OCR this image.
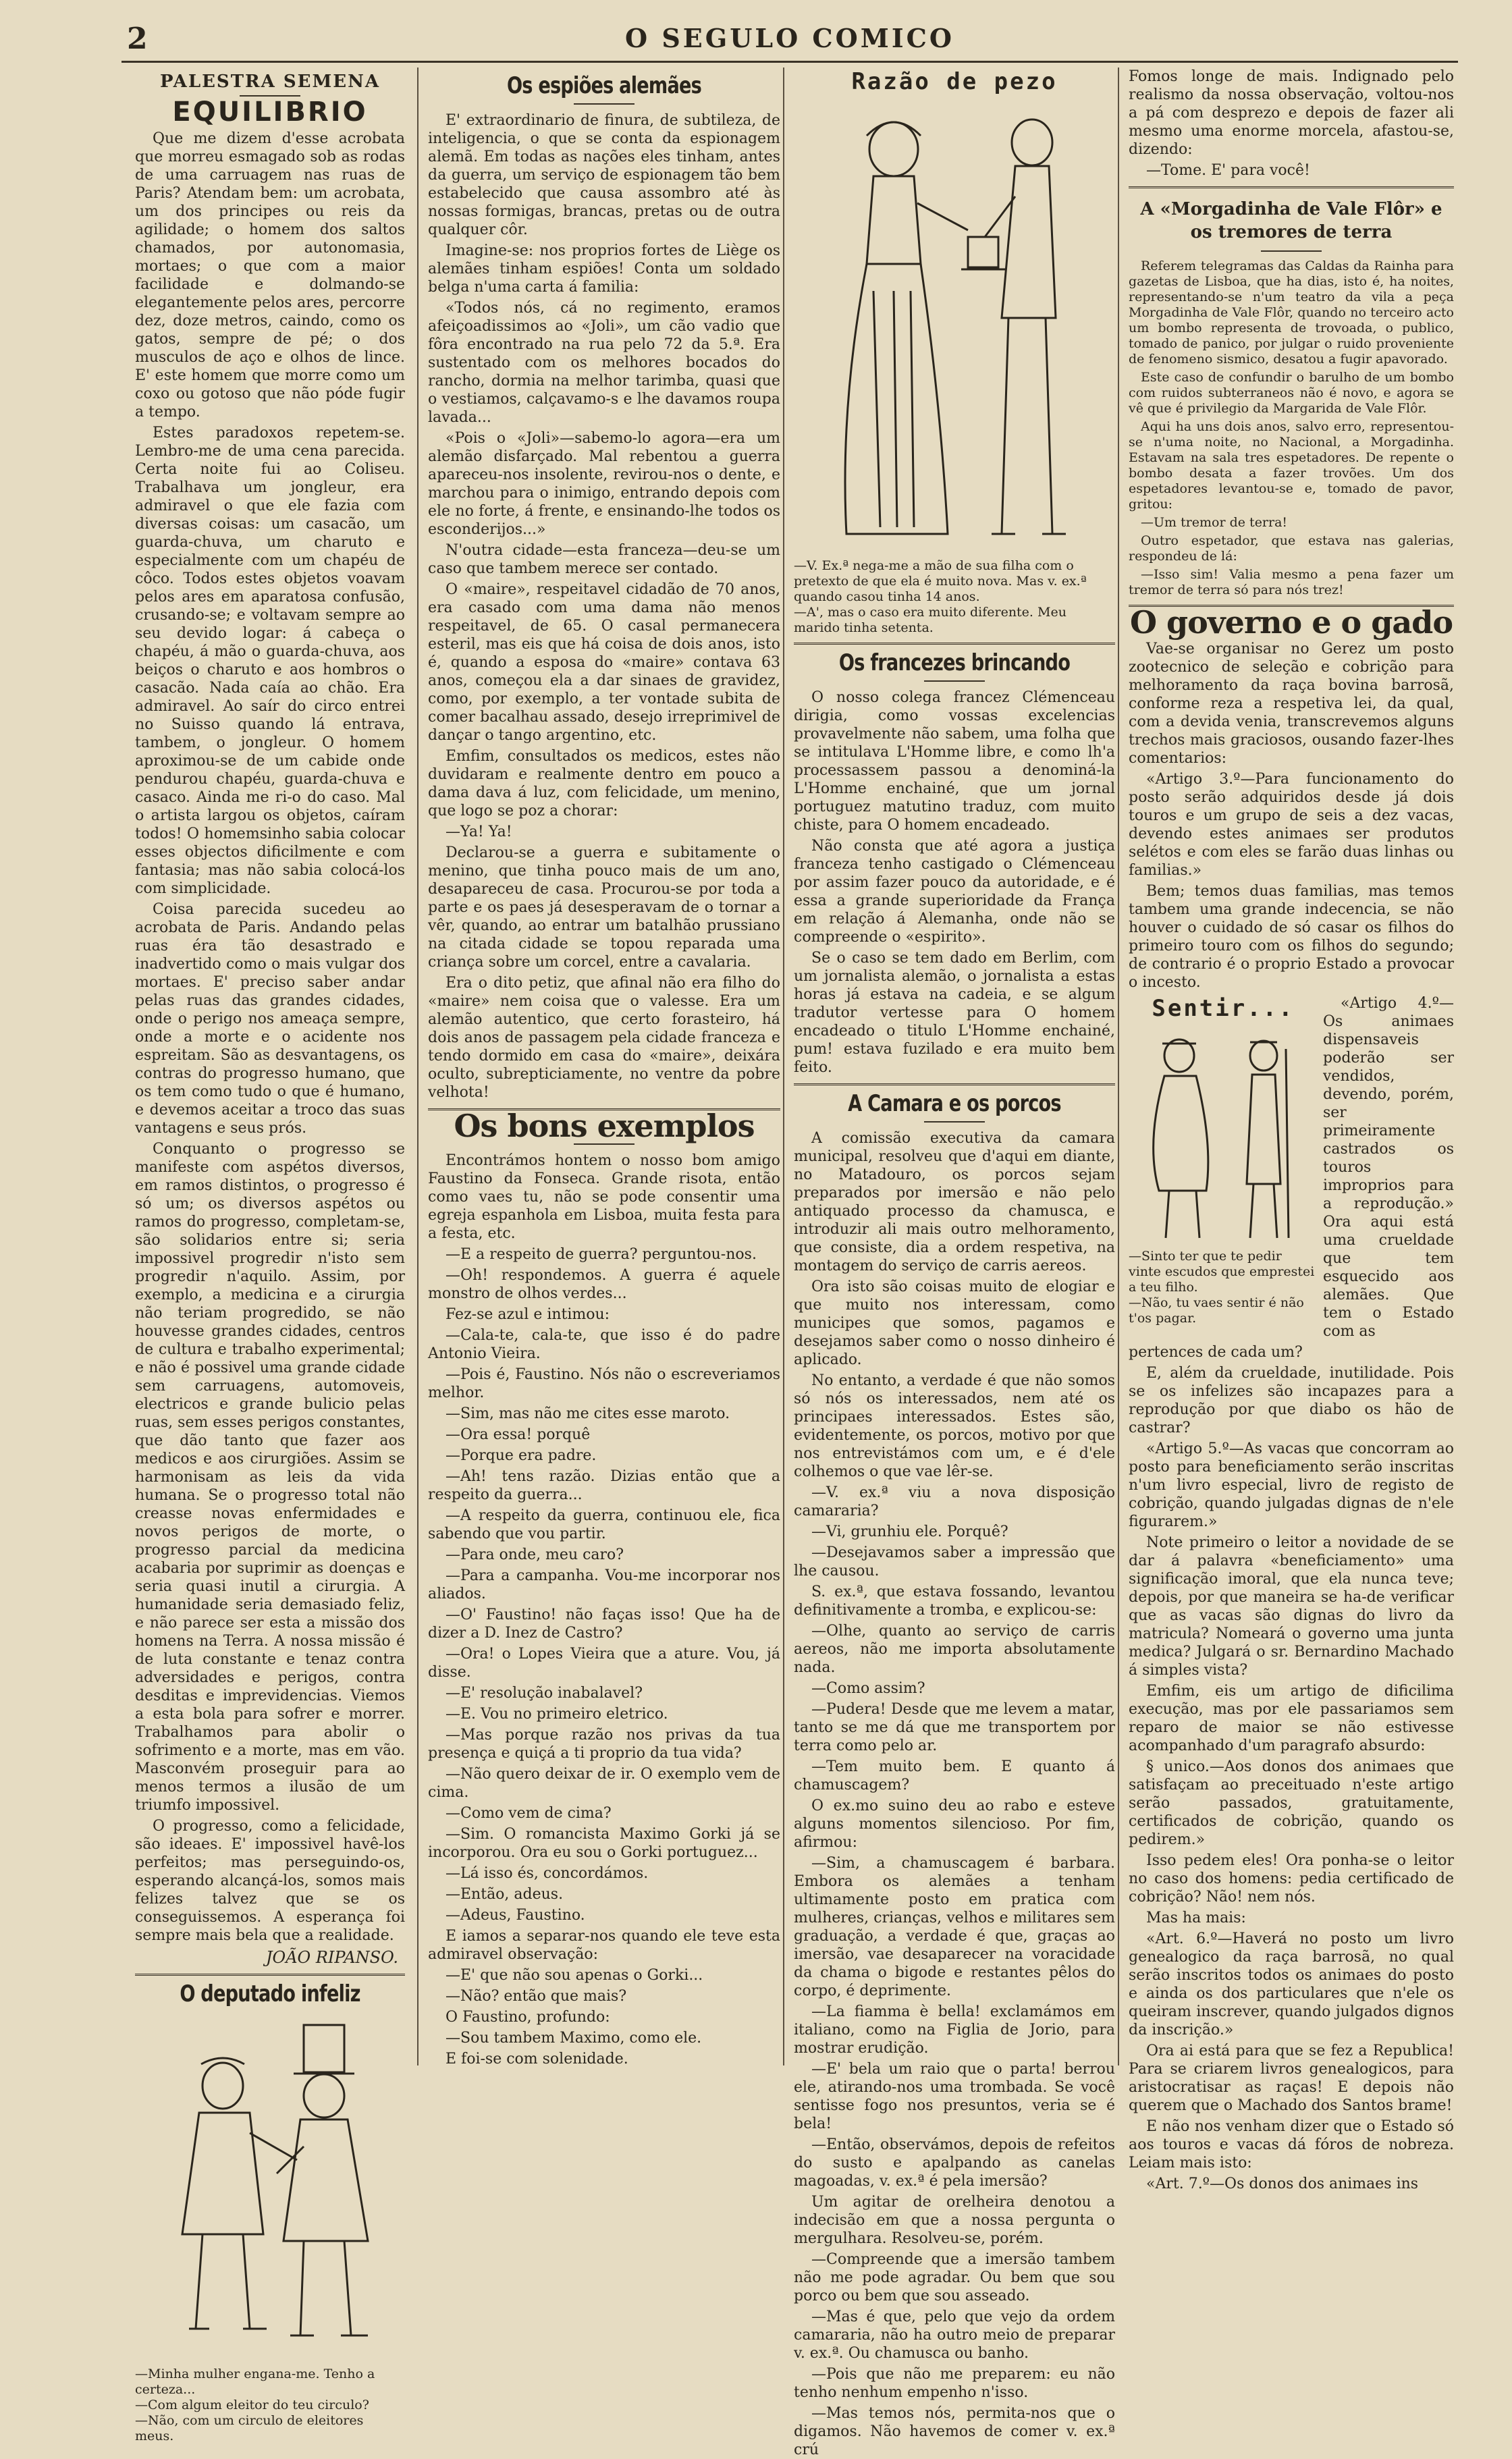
2	O SEGULO COMICO
PALESTRA SEMENA
EQUILIBRIO

Que me dizem d'esse acrobata que morreu esmagado sob as rodas de uma carruagem nas ruas de Paris? Atendam bem: um acrobata, um dos principes ou reis da agilidade; o homem dos saltos chamados, por autonomasia, mortaes; o que com a maior facilidade e dolmando-se elegantemente pelos ares, percorre dez, doze metros, caindo, como os gatos, sempre de pé; o dos musculos de aço e olhos de lince. E' este homem que morre como um coxo ou gotoso que não póde fugir a tempo.

Estes paradoxos repetem-se. Lembro-me de uma cena parecida. Certa noite fui ao Coliseu. Trabalhava um jongleur, era admiravel o que ele fazia com diversas coisas: um casacão, um guarda-chuva, um charuto e especialmente com um chapéu de côco. Todos estes objetos voavam pelos ares em aparatosa confusão, crusando-se; e voltavam sempre ao seu devido logar: á cabeça o chapéu, á mão o guarda-chuva, aos beiços o charuto e aos hombros o casacão. Nada caía ao chão. Era admiravel. Ao saír do circo entrei no Suisso quando lá entrava, tambem, o jongleur. O homem aproximou-se de um cabide onde pendurou chapéu, guarda-chuva e casaco. Ainda me ri-o do caso. Mal o artista largou os objetos, caíram todos! O homemsinho sabia colocar esses objectos dificilmente e com fantasia; mas não sabia colocá-los com simplicidade.

Coisa parecida sucedeu ao acrobata de Paris. Andando pelas ruas éra tão desastrado e inadvertido como o mais vulgar dos mortaes. E' preciso saber andar pelas ruas das grandes cidades, onde o perigo nos ameaça sempre, onde a morte e o acidente nos espreitam. São as desvantagens, os contras do progresso humano, que os tem como tudo o que é humano, e devemos aceitar a troco das suas vantagens e seus prós.

Conquanto o progresso se manifeste com aspétos diversos, em ramos distintos, o progresso é só um; os diversos aspétos ou ramos do progresso, completam-se, são solidarios entre si; seria impossivel progredir n'isto sem progredir n'aquilo. Assim, por exemplo, a medicina e a cirurgia não teriam progredido, se não houvesse grandes cidades, centros de cultura e trabalho experimental; e não é possivel uma grande cidade sem carruagens, automoveis, electricos e grande bulicio pelas ruas, sem esses perigos constantes, que dão tanto que fazer aos medicos e aos cirurgiões. Assim se harmonisam as leis da vida humana. Se o progresso total não creasse novas enfermidades e novos perigos de morte, o progresso parcial da medicina acabaria por suprimir as doenças e seria quasi inutil a cirurgia. A humanidade seria demasiado feliz, e não parece ser esta a missão dos homens na Terra. A nossa missão é de luta constante e tenaz contra adversidades e perigos, contra desditas e imprevidencias. Viemos a esta bola para sofrer e morrer. Trabalhamos para abolir o sofrimento e a morte, mas em vão. Masconvém proseguir para ao menos termos a ilusão de um triumfo impossivel.

O progresso, como a felicidade, são ideaes. E' impossivel havê-los perfeitos; mas perseguindo-os, esperando alcançá-los, somos mais felizes talvez que se os conseguissemos. A esperança foi sempre mais bela que a realidade.

JOÃO RIPANSO.
O deputado infeliz
—Minha mulher engana-me. Tenho a certeza...
—Com algum eleitor do teu circulo?
—Não, com um circulo de eleitores meus.
Os espiões alemães

E' extraordinario de finura, de subtileza, de inteligencia, o que se conta da espionagem alemã. Em todas as nações eles tinham, antes da guerra, um serviço de espionagem tão bem estabelecido que causa assombro até às nossas formigas, brancas, pretas ou de outra qualquer côr.

Imagine-se: nos proprios fortes de Liège os alemães tinham espiões! Conta um soldado belga n'uma carta á familia:

«Todos nós, cá no regimento, eramos afeiçoadissimos ao «Joli», um cão vadio que fôra encontrado na rua pelo 72 da 5.ª. Era sustentado com os melhores bocados do rancho, dormia na melhor tarimba, quasi que o vestiamos, calçavamo-s e lhe davamos roupa lavada...

«Pois o «Joli»—sabemo-lo agora—era um alemão disfarçado. Mal rebentou a guerra apareceu-nos insolente, revirou-nos o dente, e marchou para o inimigo, entrando depois com ele no forte, á frente, e ensinando-lhe todos os esconderijos...»

N'outra cidade—esta franceza—deu-se um caso que tambem merece ser contado.

O «maire», respeitavel cidadão de 70 anos, era casado com uma dama não menos respeitavel, de 65. O casal permanecera esteril, mas eis que há coisa de dois anos, isto é, quando a esposa do «maire» contava 63 anos, começou ela a dar sinaes de gravidez, como, por exemplo, a ter vontade subita de comer bacalhau assado, desejo irreprimivel de dançar o tango argentino, etc.

Emfim, consultados os medicos, estes não duvidaram e realmente dentro em pouco a dama dava á luz, com felicidade, um menino, que logo se poz a chorar:

—Ya! Ya!

Declarou-se a guerra e subitamente o menino, que tinha pouco mais de um ano, desapareceu de casa. Procurou-se por toda a parte e os paes já desesperavam de o tornar a vêr, quando, ao entrar um batalhão prussiano na citada cidade se topou reparada uma criança sobre um corcel, entre a cavalaria.

Era o dito petiz, que afinal não era filho do «maire» nem coisa que o valesse. Era um alemão autentico, que certo forasteiro, há dois anos de passagem pela cidade franceza e tendo dormido em casa do «maire», deixára oculto, subrepticiamente, no ventre da pobre velhota!

Os bons exemplos

Encontrámos hontem o nosso bom amigo Faustino da Fonseca. Grande risota, então como vaes tu, não se pode consentir uma egreja espanhola em Lisboa, muita festa para a festa, etc.

—E a respeito de guerra? perguntou-nos.

—Oh! respondemos. A guerra é aquele monstro de olhos verdes...

Fez-se azul e intimou:

—Cala-te, cala-te, que isso é do padre Antonio Vieira.

—Pois é, Faustino. Nós não o escreveriamos melhor.

—Sim, mas não me cites esse maroto.

—Ora essa! porquê

—Porque era padre.

—Ah! tens razão. Dizias então que a respeito da guerra...

—A respeito da guerra, continuou ele, fica sabendo que vou partir.

—Para onde, meu caro?

—Para a campanha. Vou-me incorporar nos aliados.

—O' Faustino! não faças isso! Que ha de dizer a D. Inez de Castro?

—Ora! o Lopes Vieira que a ature. Vou, já disse.

—E' resolução inabalavel?

—E. Vou no primeiro eletrico.

—Mas porque razão nos privas da tua presença e quiçá a ti proprio da tua vida?

—Não quero deixar de ir. O exemplo vem de cima.

—Como vem de cima?

—Sim. O romancista Maximo Gorki já se incorporou. Ora eu sou o Gorki portuguez...

—Lá isso és, concordámos.

—Então, adeus.

—Adeus, Faustino.

E iamos a separar-nos quando ele teve esta admiravel observação:

—E' que não sou apenas o Gorki...

—Não? então que mais?

O Faustino, profundo:

—Sou tambem Maximo, como ele.

E foi-se com solenidade.

Razão de pezo
—V. Ex.ª nega-me a mão de sua filha com o pretexto de que ela é muito nova. Mas v. ex.ª quando casou tinha 14 anos.
—A', mas o caso era muito diferente. Meu marido tinha setenta.
Os francezes brincando

O nosso colega francez Clémenceau dirigia, como vossas excelencias provavelmente não sabem, uma folha que se intitulava L'Homme libre, e como lh'a processassem passou a denominá-la L'Homme enchainé, que um jornal portuguez matutino traduz, com muito chiste, para O homem encadeado.

Não consta que até agora a justiça franceza tenho castigado o Clémenceau por assim fazer pouco da autoridade, e é essa a grande superioridade da França em relação á Alemanha, onde não se compreende o «espirito».

Se o caso se tem dado em Berlim, com um jornalista alemão, o jornalista a estas horas já estava na cadeia, e se algum tradutor vertesse para O homem encadeado o titulo L'Homme enchainé, pum! estava fuzilado e era muito bem feito.

A Camara e os porcos

A comissão executiva da camara municipal, resolveu que d'aqui em diante, no Matadouro, os porcos sejam preparados por imersão e não pelo antiquado processo da chamusca, e introduzir ali mais outro melhoramento, que consiste, dia a ordem respetiva, na montagem do serviço de carris aereos.

Ora isto são coisas muito de elogiar e que muito nos interessam, como municipes que somos, pagamos e desejamos saber como o nosso dinheiro é aplicado.

No entanto, a verdade é que não somos só nós os interessados, nem até os principaes interessados. Estes são, evidentemente, os porcos, motivo por que nos entrevistámos com um, e é d'ele colhemos o que vae lêr-se.

—V. ex.ª viu a nova disposição camararia?

—Vi, grunhiu ele. Porquê?

—Desejavamos saber a impressão que lhe causou.

S. ex.ª, que estava fossando, levantou definitivamente a tromba, e explicou-se:

—Olhe, quanto ao serviço de carris aereos, não me importa absolutamente nada.

—Como assim?

—Pudera! Desde que me levem a matar, tanto se me dá que me transportem por terra como pelo ar.

—Tem muito bem. E quanto á chamuscagem?

O ex.mo suino deu ao rabo e esteve alguns momentos silencioso. Por fim, afirmou:

—Sim, a chamuscagem é barbara. Embora os alemães a tenham ultimamente posto em pratica com mulheres, crianças, velhos e militares sem graduação, a verdade é que, graças ao imersão, vae desaparecer na voracidade da chama o bigode e restantes pêlos do corpo, é deprimente.

—La fiamma è bella! exclamámos em italiano, como na Figlia de Jorio, para mostrar erudição.

—E' bela um raio que o parta! berrou ele, atirando-nos uma trombada. Se você sentisse fogo nos presuntos, veria se é bela!

—Então, observámos, depois de refeitos do susto e apalpando as canelas magoadas, v. ex.ª é pela imersão?

Um agitar de orelheira denotou a indecisão em que a nossa pergunta o mergulhara. Resolveu-se, porém.

—Compreende que a imersão tambem não me pode agradar. Ou bem que sou porco ou bem que sou asseado.

—Mas é que, pelo que vejo da ordem camararia, não ha outro meio de preparar v. ex.ª. Ou chamusca ou banho.

—Pois que não me preparem: eu não tenho nenhum empenho n'isso.

—Mas temos nós, permita-nos que o digamos. Não havemos de comer v. ex.ª crú

Fomos longe de mais. Indignado pelo realismo da nossa observação, voltou-nos a pá com desprezo e depois de fazer ali mesmo uma enorme morcela, afastou-se, dizendo:

—Tome. E' para você!

A «Morgadinha de Vale Flôr» e os tremores de terra

Referem telegramas das Caldas da Rainha para gazetas de Lisboa, que ha dias, isto é, ha noites, representando-se n'um teatro da vila a peça Morgadinha de Vale Flôr, quando no terceiro acto um bombo representa de trovoada, o publico, tomado de panico, por julgar o ruido proveniente de fenomeno sismico, desatou a fugir apavorado.

Este caso de confundir o barulho de um bombo com ruidos subterraneos não é novo, e agora se vê que é privilegio da Margarida de Vale Flôr.

Aqui ha uns dois anos, salvo erro, representou-se n'uma noite, no Nacional, a Morgadinha. Estavam na sala tres espetadores. De repente o bombo desata a fazer trovões. Um dos espetadores levantou-se e, tomado de pavor, gritou:

—Um tremor de terra!

Outro espetador, que estava nas galerias, respondeu de lá:

—Isso sim! Valia mesmo a pena fazer um tremor de terra só para nós trez!

O governo e o gado

Vae-se organisar no Gerez um posto zootecnico de seleção e cobrição para melhoramento da raça bovina barrosã, conforme reza a respetiva lei, da qual, com a devida venia, transcrevemos alguns trechos mais graciosos, ousando fazer-lhes comentarios:

«Artigo 3.º—Para funcionamento do posto serão adquiridos desde já dois touros e um grupo de seis a dez vacas, devendo estes animaes ser produtos selétos e com eles se farão duas linhas ou familias.»

Bem; temos duas familias, mas temos tambem uma grande indecencia, se não houver o cuidado de só casar os filhos do primeiro touro com os filhos do segundo; de contrario é o proprio Estado a provocar o incesto.

Sentir...
—Sinto ter que te pedir vinte escudos que emprestei a teu filho.
—Não, tu vaes sentir é não t'os pagar.

«Artigo 4.º—Os animaes dispensaveis poderão ser vendidos, devendo, porém, ser primeiramente castrados os touros improprios para a reprodução.» Ora aqui está uma crueldade que tem esquecido aos alemães. Que tem o Estado com as

pertences de cada um?

E, além da crueldade, inutilidade. Pois se os infelizes são incapazes para a reprodução por que diabo os hão de castrar?

«Artigo 5.º—As vacas que concorram ao posto para beneficiamento serão inscritas n'um livro especial, livro de registo de cobrição, quando julgadas dignas de n'ele figurarem.»

Note primeiro o leitor a novidade de se dar á palavra «beneficiamento» uma significação imoral, que ela nunca teve; depois, por que maneira se ha-de verificar que as vacas são dignas do livro da matricula? Nomeará o governo uma junta medica? Julgará o sr. Bernardino Machado á simples vista?

Emfim, eis um artigo de dificilima execução, mas por ele passariamos sem reparo de maior se não estivesse acompanhado d'um paragrafo absurdo:

§ unico.—Aos donos dos animaes que satisfaçam ao preceituado n'este artigo serão passados, gratuitamente, certificados de cobrição, quando os pedirem.»

Isso pedem eles! Ora ponha-se o leitor no caso dos homens: pedia certificado de cobrição? Não! nem nós.

Mas ha mais:

«Art. 6.º—Haverá no posto um livro genealogico da raça barrosã, no qual serão inscritos todos os animaes do posto e ainda os dos particulares que n'ele os queiram inscrever, quando julgados dignos da inscrição.»

Ora ai está para que se fez a Republica! Para se criarem livros genealogicos, para aristocratisar as raças! E depois não querem que o Machado dos Santos brame!

E não nos venham dizer que o Estado só aos touros e vacas dá fóros de nobreza. Leiam mais isto:

«Art. 7.º—Os donos dos animaes ins
